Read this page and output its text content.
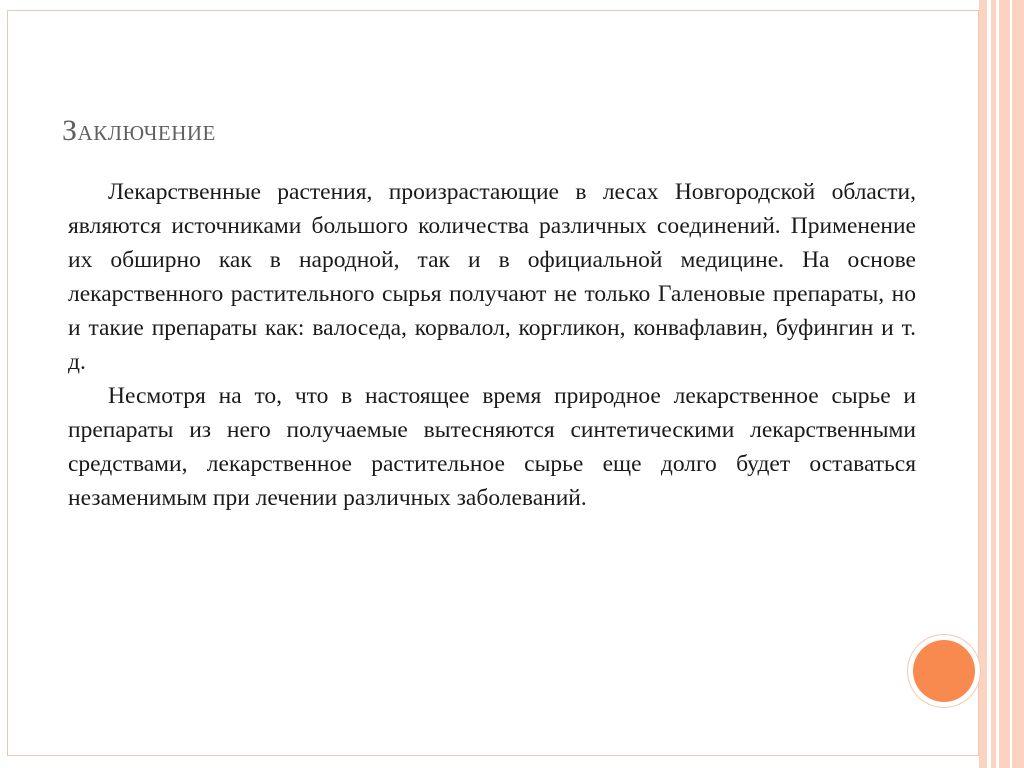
Заключение

Лекарственные растения, произрастающие в лесах Новгородской области, являются источниками большого количества различных соединений. Применение их обширно как в народной, так и в официальной медицине. На основе лекарственного растительного сырья получают не только Галеновые препараты, но и такие препараты как: валоседа, корвалол, коргликон, конвафлавин, буфингин и т. д.

Несмотря на то, что в настоящее время природное лекарственное сырье и препараты из него получаемые вытесняются синтетическими лекарственными средствами, лекарственное растительное сырье еще долго будет оставаться незаменимым при лечении различных заболеваний.
